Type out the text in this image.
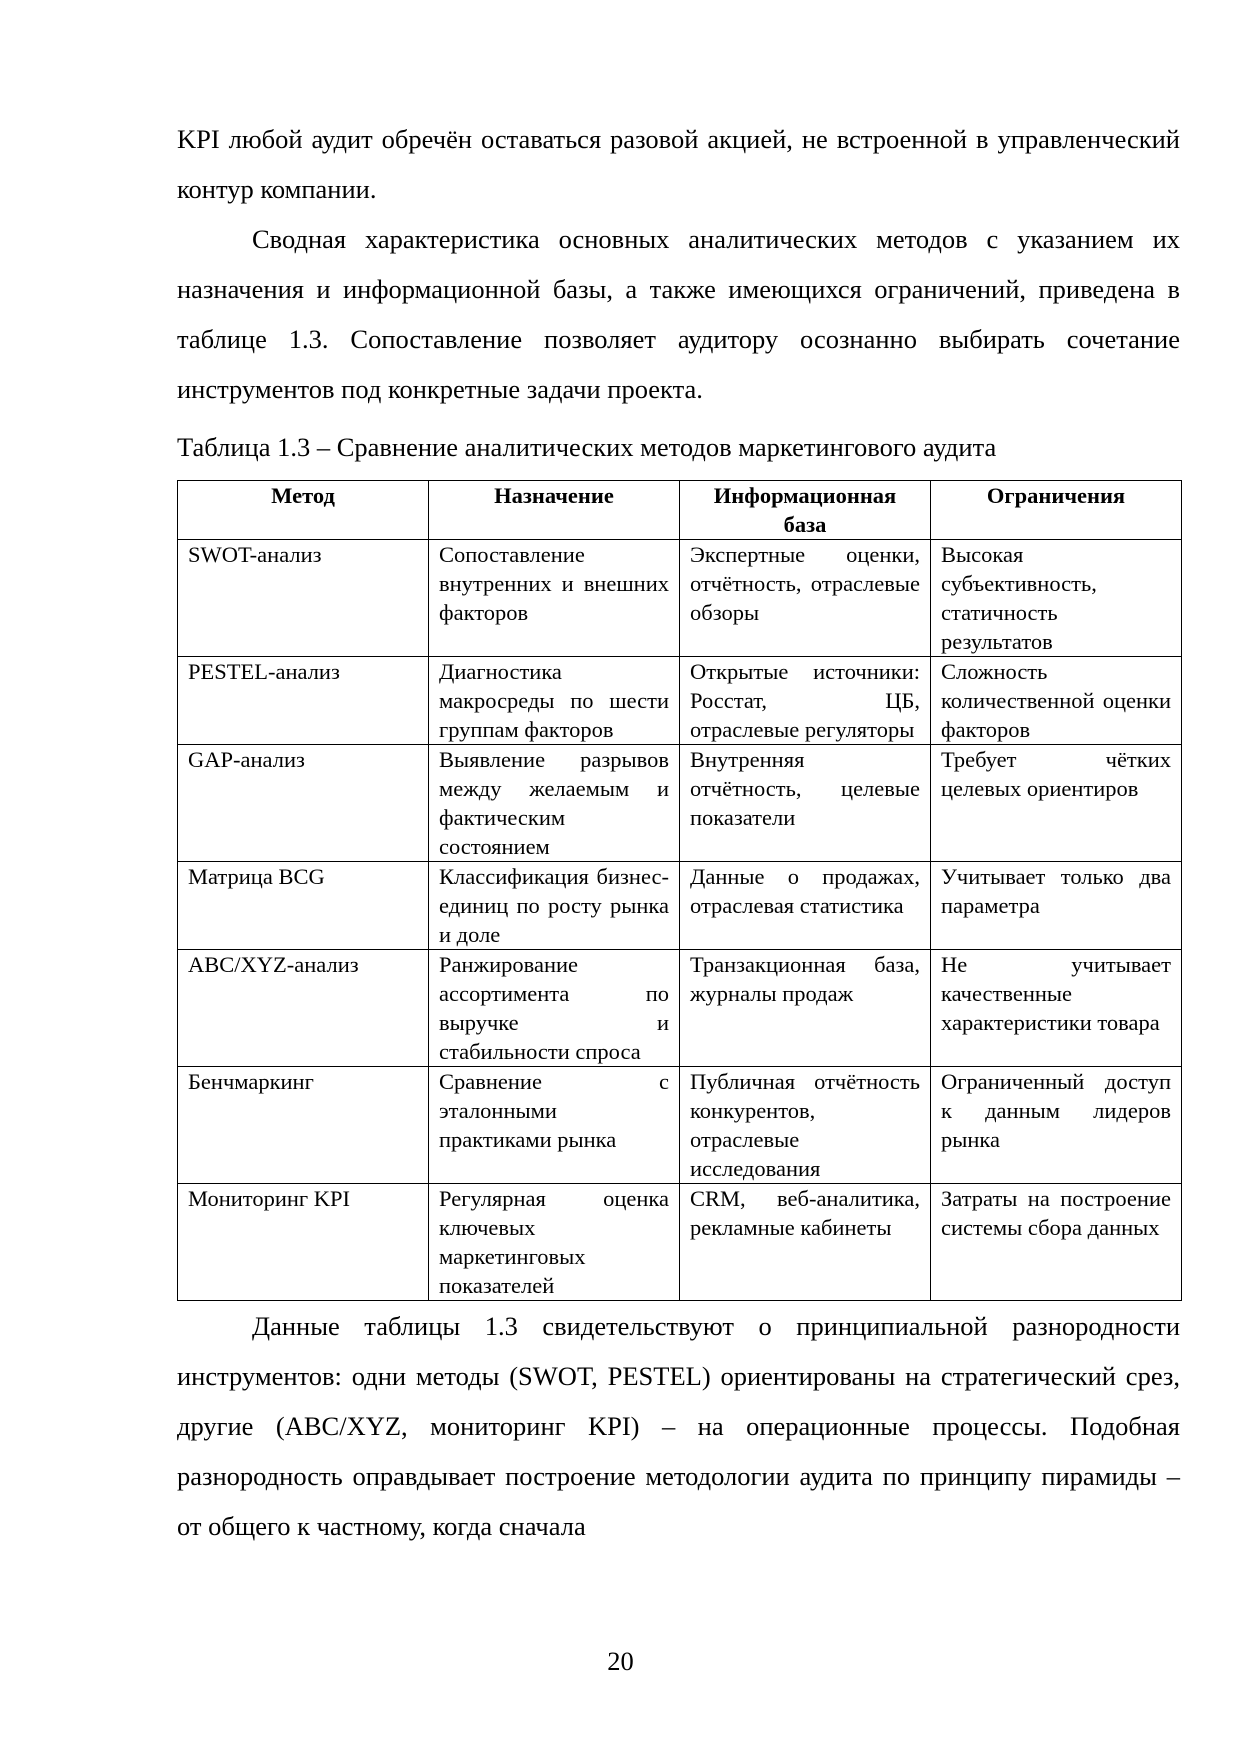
KPI любой аудит обречён оставаться разовой акцией, не встроенной в управленческий контур компании.

Сводная характеристика основных аналитических методов с указанием их назначения и информационной базы, а также имеющихся ограничений, приведена в таблице 1.3. Сопоставление позволяет аудитору осознанно выбирать сочетание инструментов под конкретные задачи проекта.

Таблица 1.3 – Сравнение аналитических методов маркетингового аудита

Метод	Назначение	Информационная база	Ограничения
SWOT-анализ	Сопоставление внутренних и внешних факторов	Экспертные оценки, отчётность, отраслевые обзоры	Высокая субъективность, статичность результатов
PESTEL-анализ	Диагностика макросреды по шести группам факторов	Открытые источники: Росстат, ЦБ, отраслевые регуляторы	Сложность количественной оценки факторов
GAP-анализ	Выявление разрывов между желаемым и фактическим состоянием	Внутренняя отчётность, целевые показатели	Требует чётких целевых ориентиров
Матрица BCG	Классификация бизнес-единиц по росту рынка и доле	Данные о продажах, отраслевая статистика	Учитывает только два параметра
ABC/XYZ-анализ	Ранжирование ассортимента по выручке и стабильности спроса	Транзакционная база, журналы продаж	Не учитывает качественные характеристики товара
Бенчмаркинг	Сравнение с эталонными практиками рынка	Публичная отчётность конкурентов, отраслевые исследования	Ограниченный доступ к данным лидеров рынка
Мониторинг KPI	Регулярная оценка ключевых маркетинговых показателей	CRM, веб-аналитика, рекламные кабинеты	Затраты на построение системы сбора данных

Данные таблицы 1.3 свидетельствуют о принципиальной разнородности инструментов: одни методы (SWOT, PESTEL) ориентированы на стратегический срез, другие (ABC/XYZ, мониторинг KPI) – на операционные процессы. Подобная разнородность оправдывает построение методологии аудита по принципу пирамиды – от общего к частному, когда сначала

20
